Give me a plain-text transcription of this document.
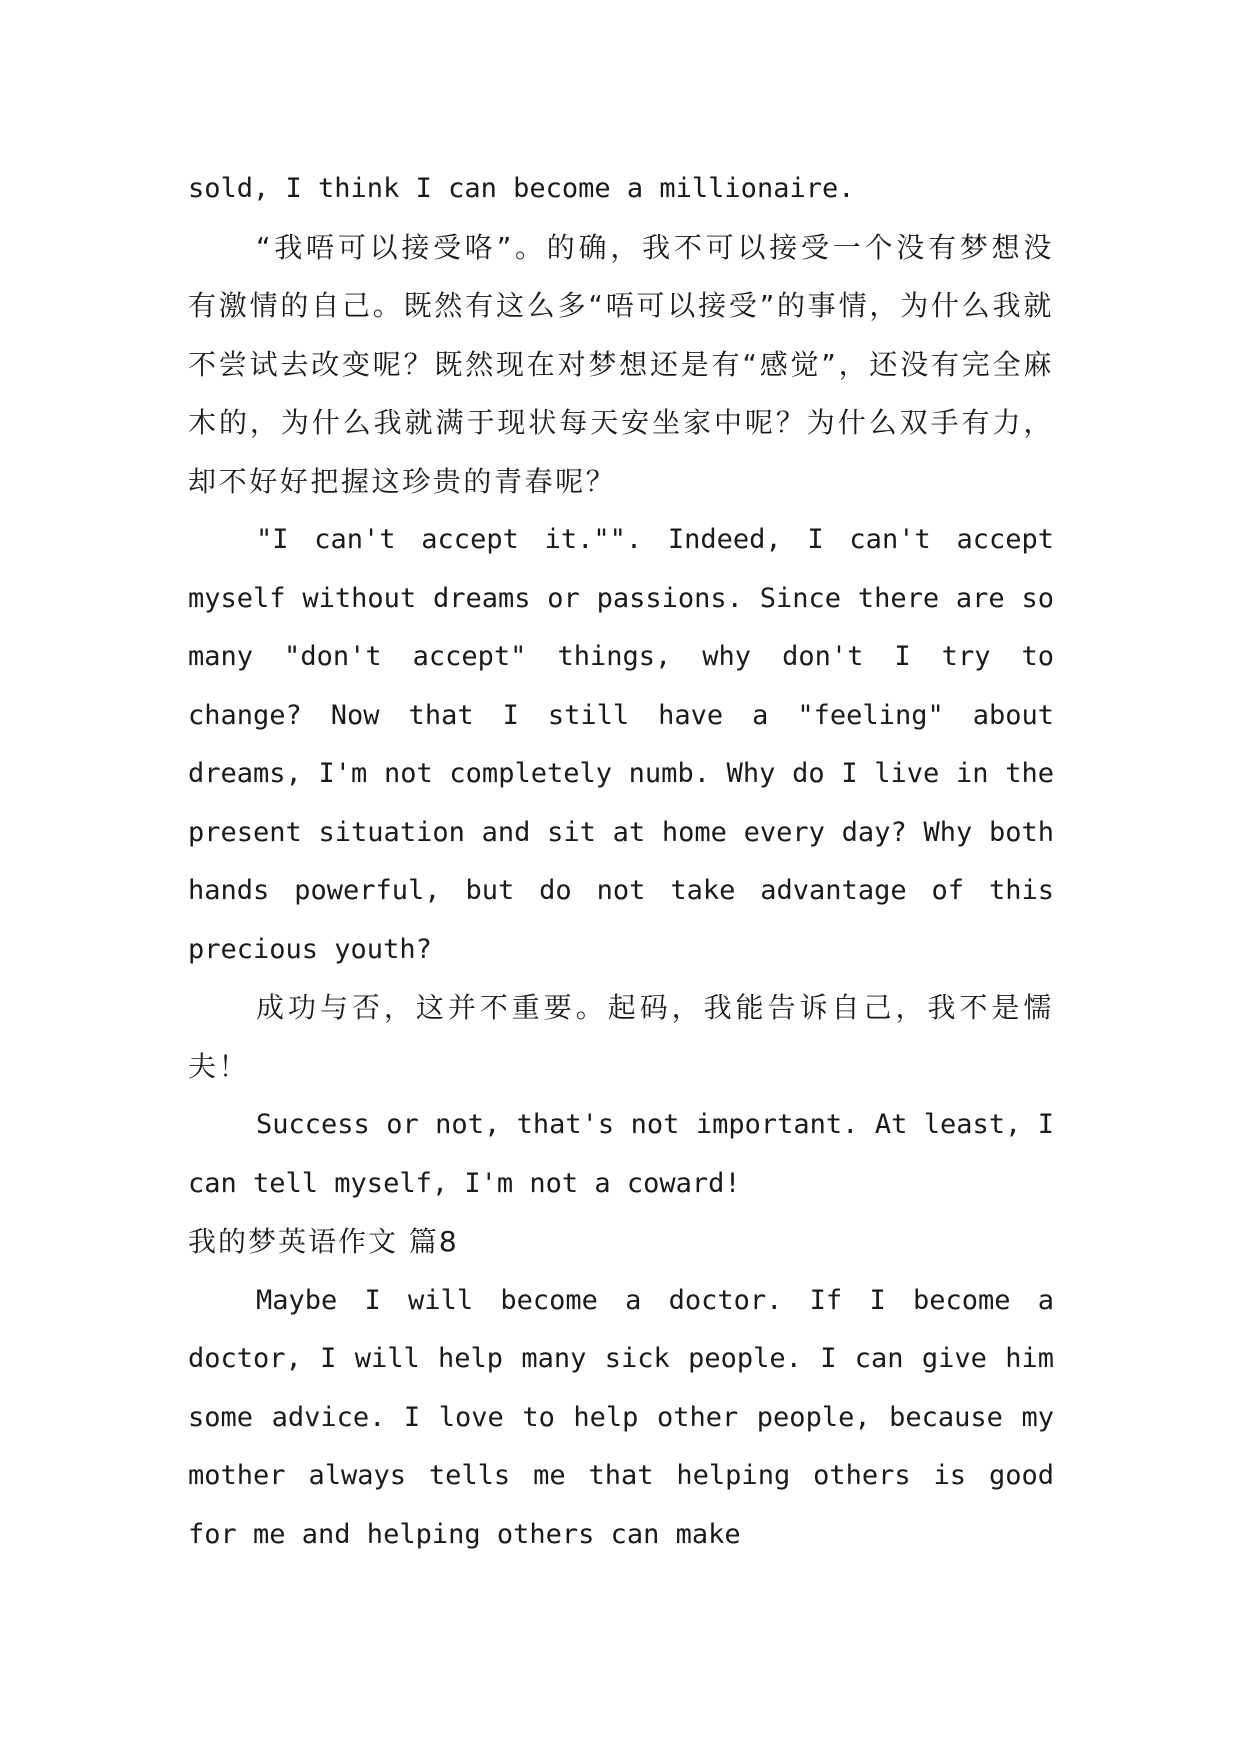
sold, I think I can become a millionaire.

“我唔可以接受咯”。的确，我不可以接受一个没有梦想没有激情的自己。既然有这么多“唔可以接受”的事情，为什么我就不尝试去改变呢？既然现在对梦想还是有“感觉”，还没有完全麻木的，为什么我就满于现状每天安坐家中呢？为什么双手有力，却不好好把握这珍贵的青春呢？

"I can't accept it."". Indeed, I can't accept myself without dreams or passions. Since there are so many "don't accept" things, why don't I try to change? Now that I still have a "feeling" about dreams, I'm not completely numb. Why do I live in the present situation and sit at home every day? Why both hands powerful, but do not take advantage of this precious youth?

成功与否，这并不重要。起码，我能告诉自己，我不是懦夫！

Success or not, that's not important. At least, I can tell myself, I'm not a coward!

我的梦英语作文 篇8

Maybe I will become a doctor. If I become a doctor, I will help many sick people. I can give him some advice. I love to help other people, because my mother always tells me that helping others is good for me and helping others can make
